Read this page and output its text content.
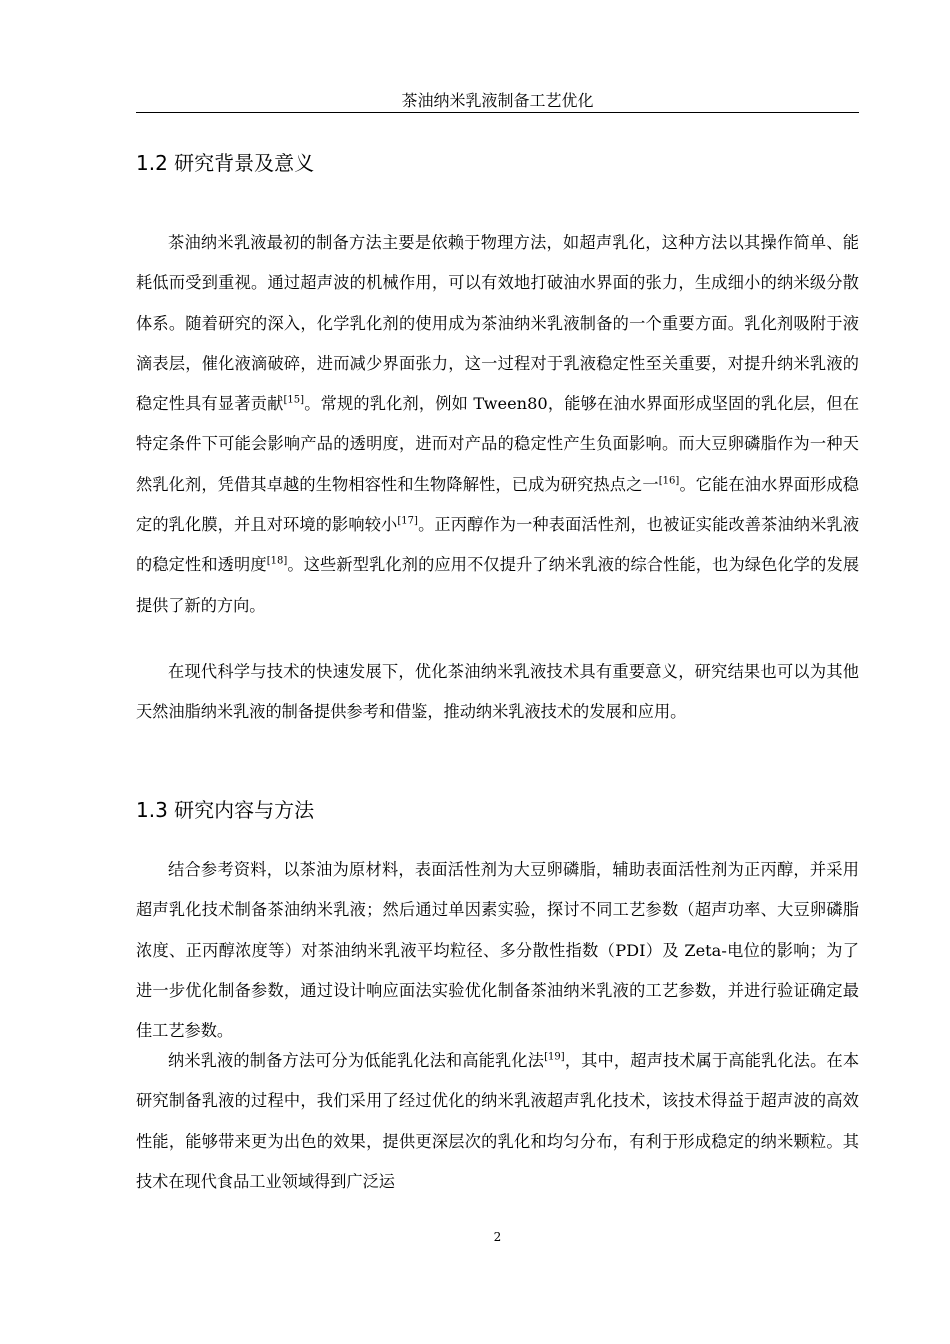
茶油纳米乳液制备工艺优化
1.2 研究背景及意义

茶油纳米乳液最初的制备方法主要是依赖于物理方法，如超声乳化，这种方法以其操作简单、能耗低而受到重视。通过超声波的机械作用，可以有效地打破油水界面的张力，生成细小的纳米级分散体系。随着研究的深入，化学乳化剂的使用成为茶油纳米乳液制备的一个重要方面。乳化剂吸附于液滴表层，催化液滴破碎，进而减少界面张力，这一过程对于乳液稳定性至关重要，对提升纳米乳液的稳定性具有显著贡献[15]。常规的乳化剂，例如 Tween80，能够在油水界面形成坚固的乳化层，但在特定条件下可能会影响产品的透明度，进而对产品的稳定性产生负面影响。而大豆卵磷脂作为一种天然乳化剂，凭借其卓越的生物相容性和生物降解性，已成为研究热点之一[16]。它能在油水界面形成稳定的乳化膜，并且对环境的影响较小[17]。正丙醇作为一种表面活性剂，也被证实能改善茶油纳米乳液的稳定性和透明度[18]。这些新型乳化剂的应用不仅提升了纳米乳液的综合性能，也为绿色化学的发展提供了新的方向。

在现代科学与技术的快速发展下，优化茶油纳米乳液技术具有重要意义，研究结果也可以为其他天然油脂纳米乳液的制备提供参考和借鉴，推动纳米乳液技术的发展和应用。

1.3 研究内容与方法

结合参考资料，以茶油为原材料，表面活性剂为大豆卵磷脂，辅助表面活性剂为正丙醇，并采用超声乳化技术制备茶油纳米乳液；然后通过单因素实验，探讨不同工艺参数（超声功率、大豆卵磷脂浓度、正丙醇浓度等）对茶油纳米乳液平均粒径、多分散性指数（PDI）及 Zeta-电位的影响；为了进一步优化制备参数，通过设计响应面法实验优化制备茶油纳米乳液的工艺参数，并进行验证确定最佳工艺参数。

纳米乳液的制备方法可分为低能乳化法和高能乳化法[19]，其中，超声技术属于高能乳化法。在本研究制备乳液的过程中，我们采用了经过优化的纳米乳液超声乳化技术，该技术得益于超声波的高效性能，能够带来更为出色的效果，提供更深层次的乳化和均匀分布，有利于形成稳定的纳米颗粒。其技术在现代食品工业领域得到广泛运

2
